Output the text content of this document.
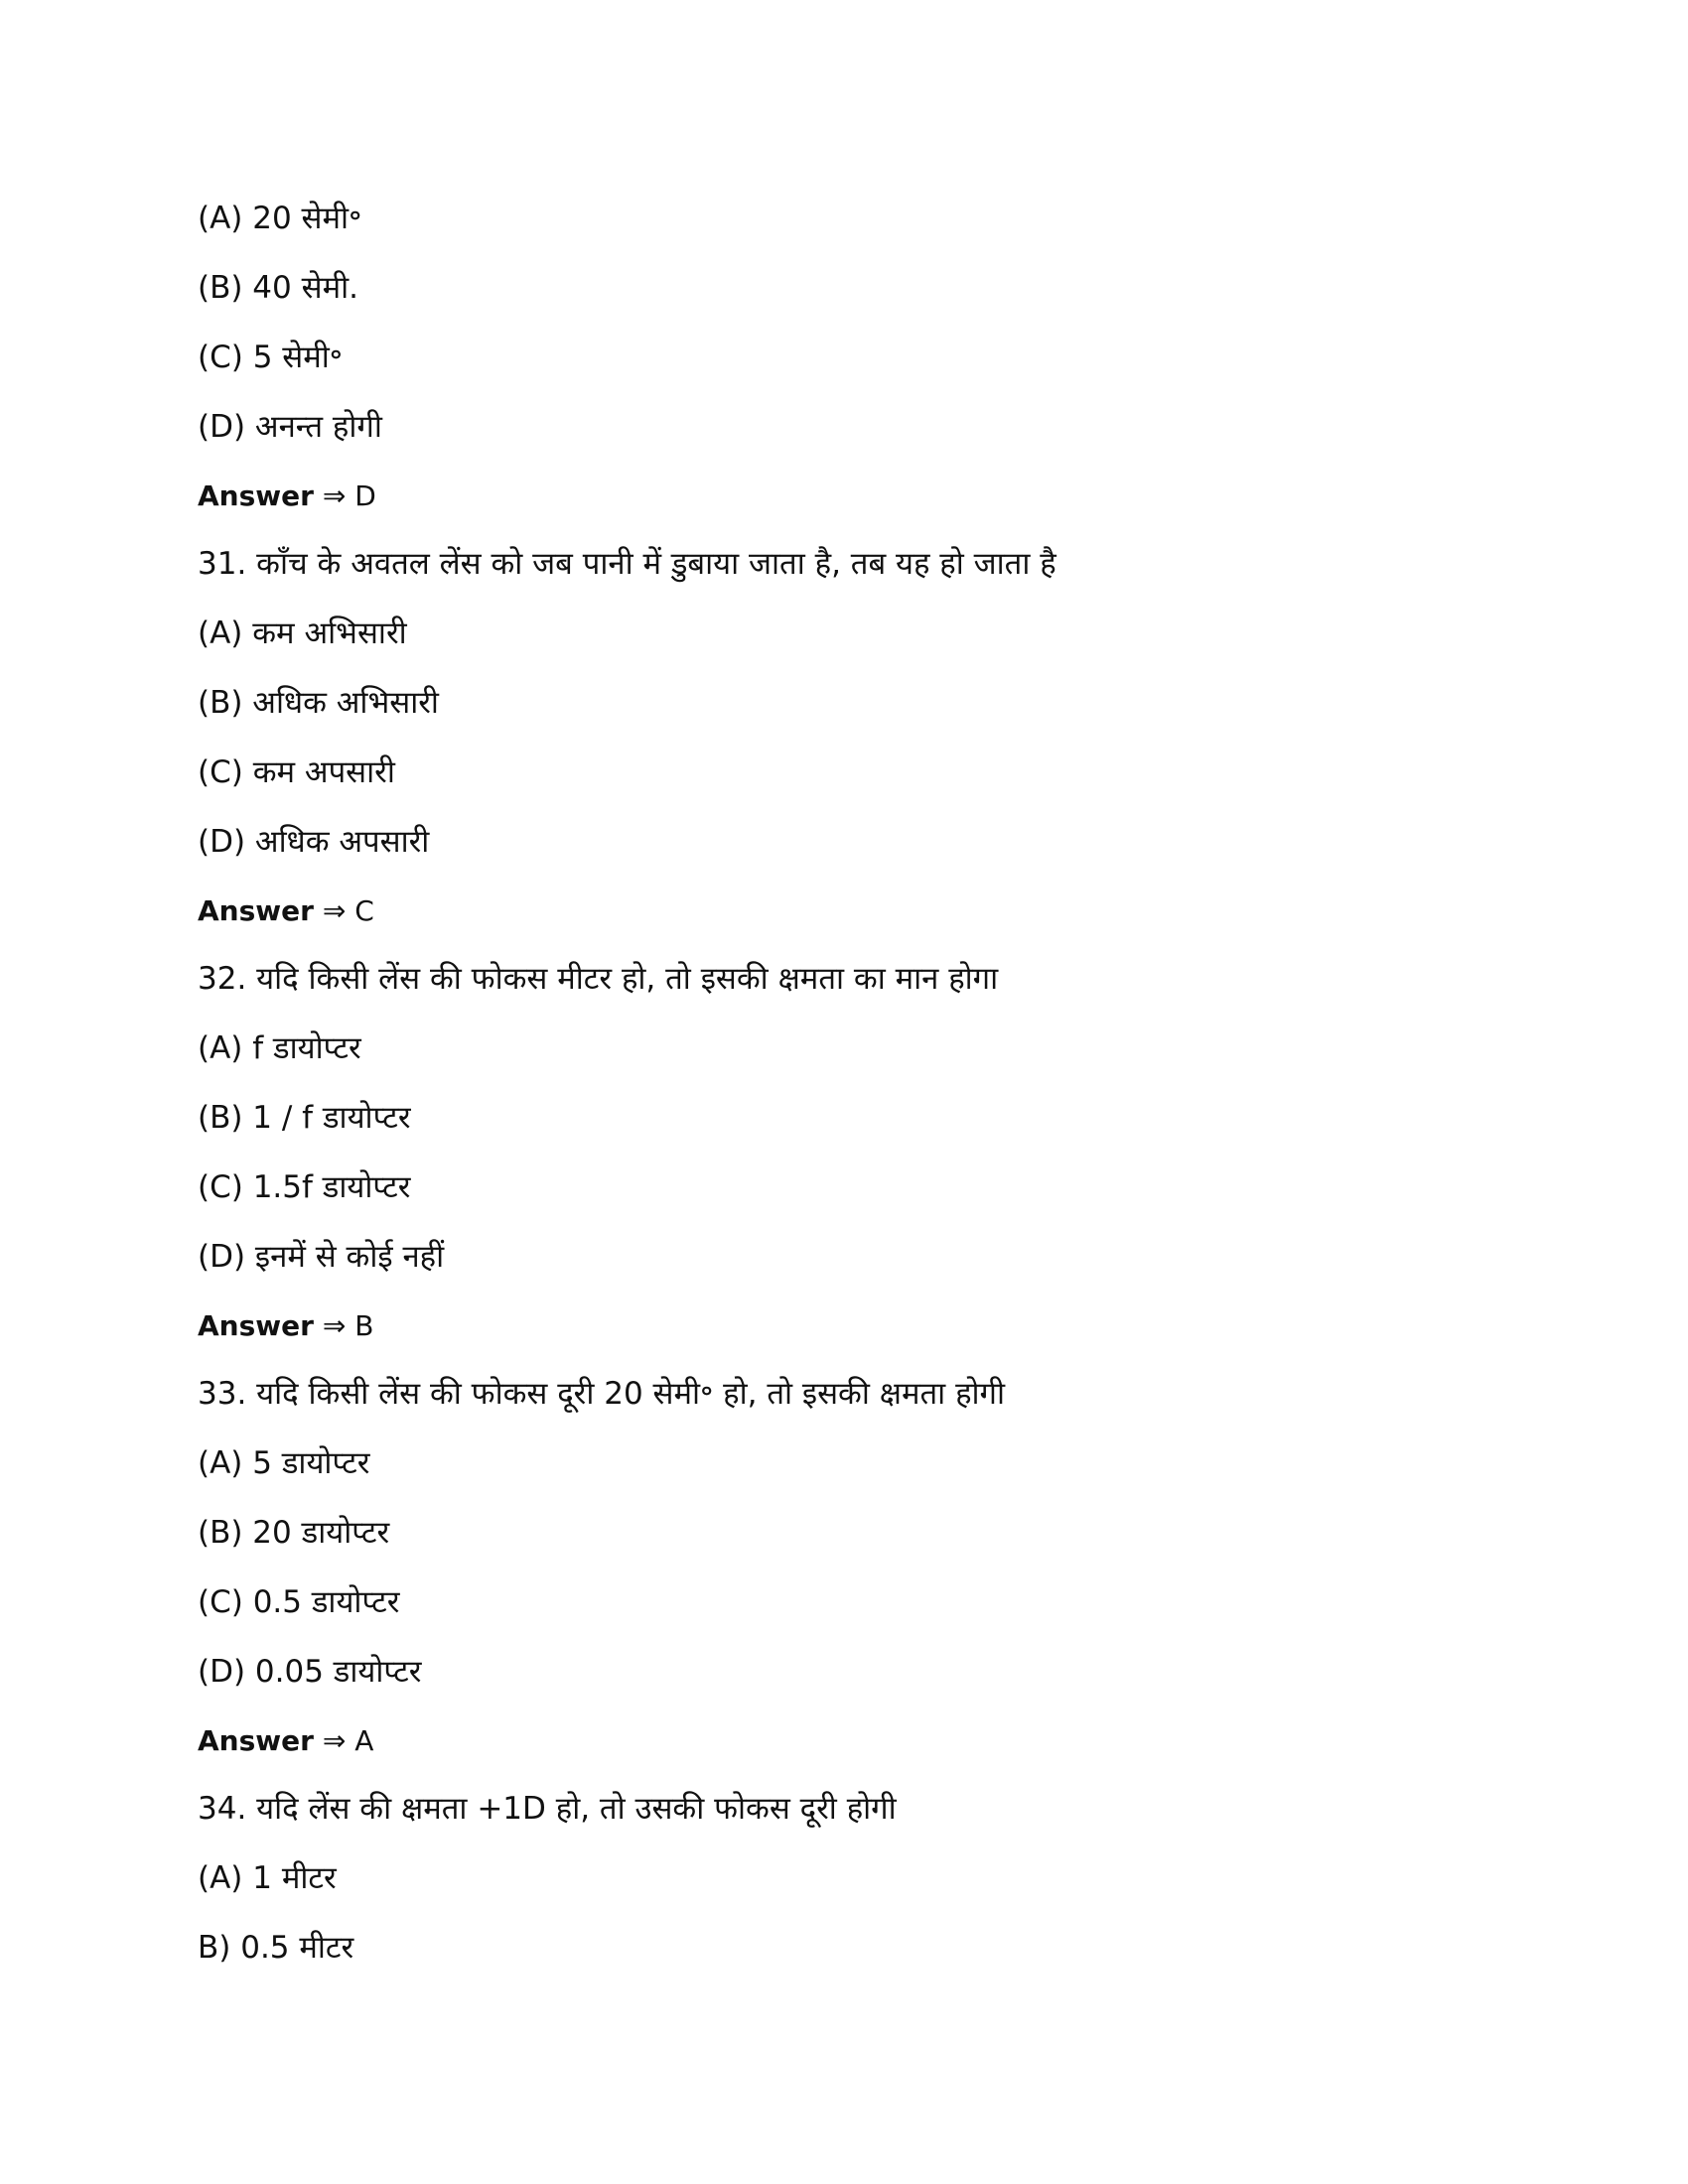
(A) 20 सेमी॰
(B) 40 सेमी.
(C) 5 सेमी॰
(D) अनन्त होगी
Answer ⇒ D
31. काँच के अवतल लेंस को जब पानी में डुबाया जाता है, तब यह हो जाता है
(A) कम अभिसारी
(B) अधिक अभिसारी
(C) कम अपसारी
(D) अधिक अपसारी
Answer ⇒ C
32. यदि किसी लेंस की फोकस मीटर हो, तो इसकी क्षमता का मान होगा
(A) f डायोप्टर
(B) 1 / f डायोप्टर
(C) 1.5f डायोप्टर
(D) इनमें से कोई नहीं
Answer ⇒ B
33. यदि किसी लेंस की फोकस दूरी 20 सेमी॰ हो, तो इसकी क्षमता होगी
(A) 5 डायोप्टर
(B) 20 डायोप्टर
(C) 0.5 डायोप्टर
(D) 0.05 डायोप्टर
Answer ⇒ A
34. यदि लेंस की क्षमता +1D हो, तो उसकी फोकस दूरी होगी
(A) 1 मीटर
B) 0.5 मीटर
